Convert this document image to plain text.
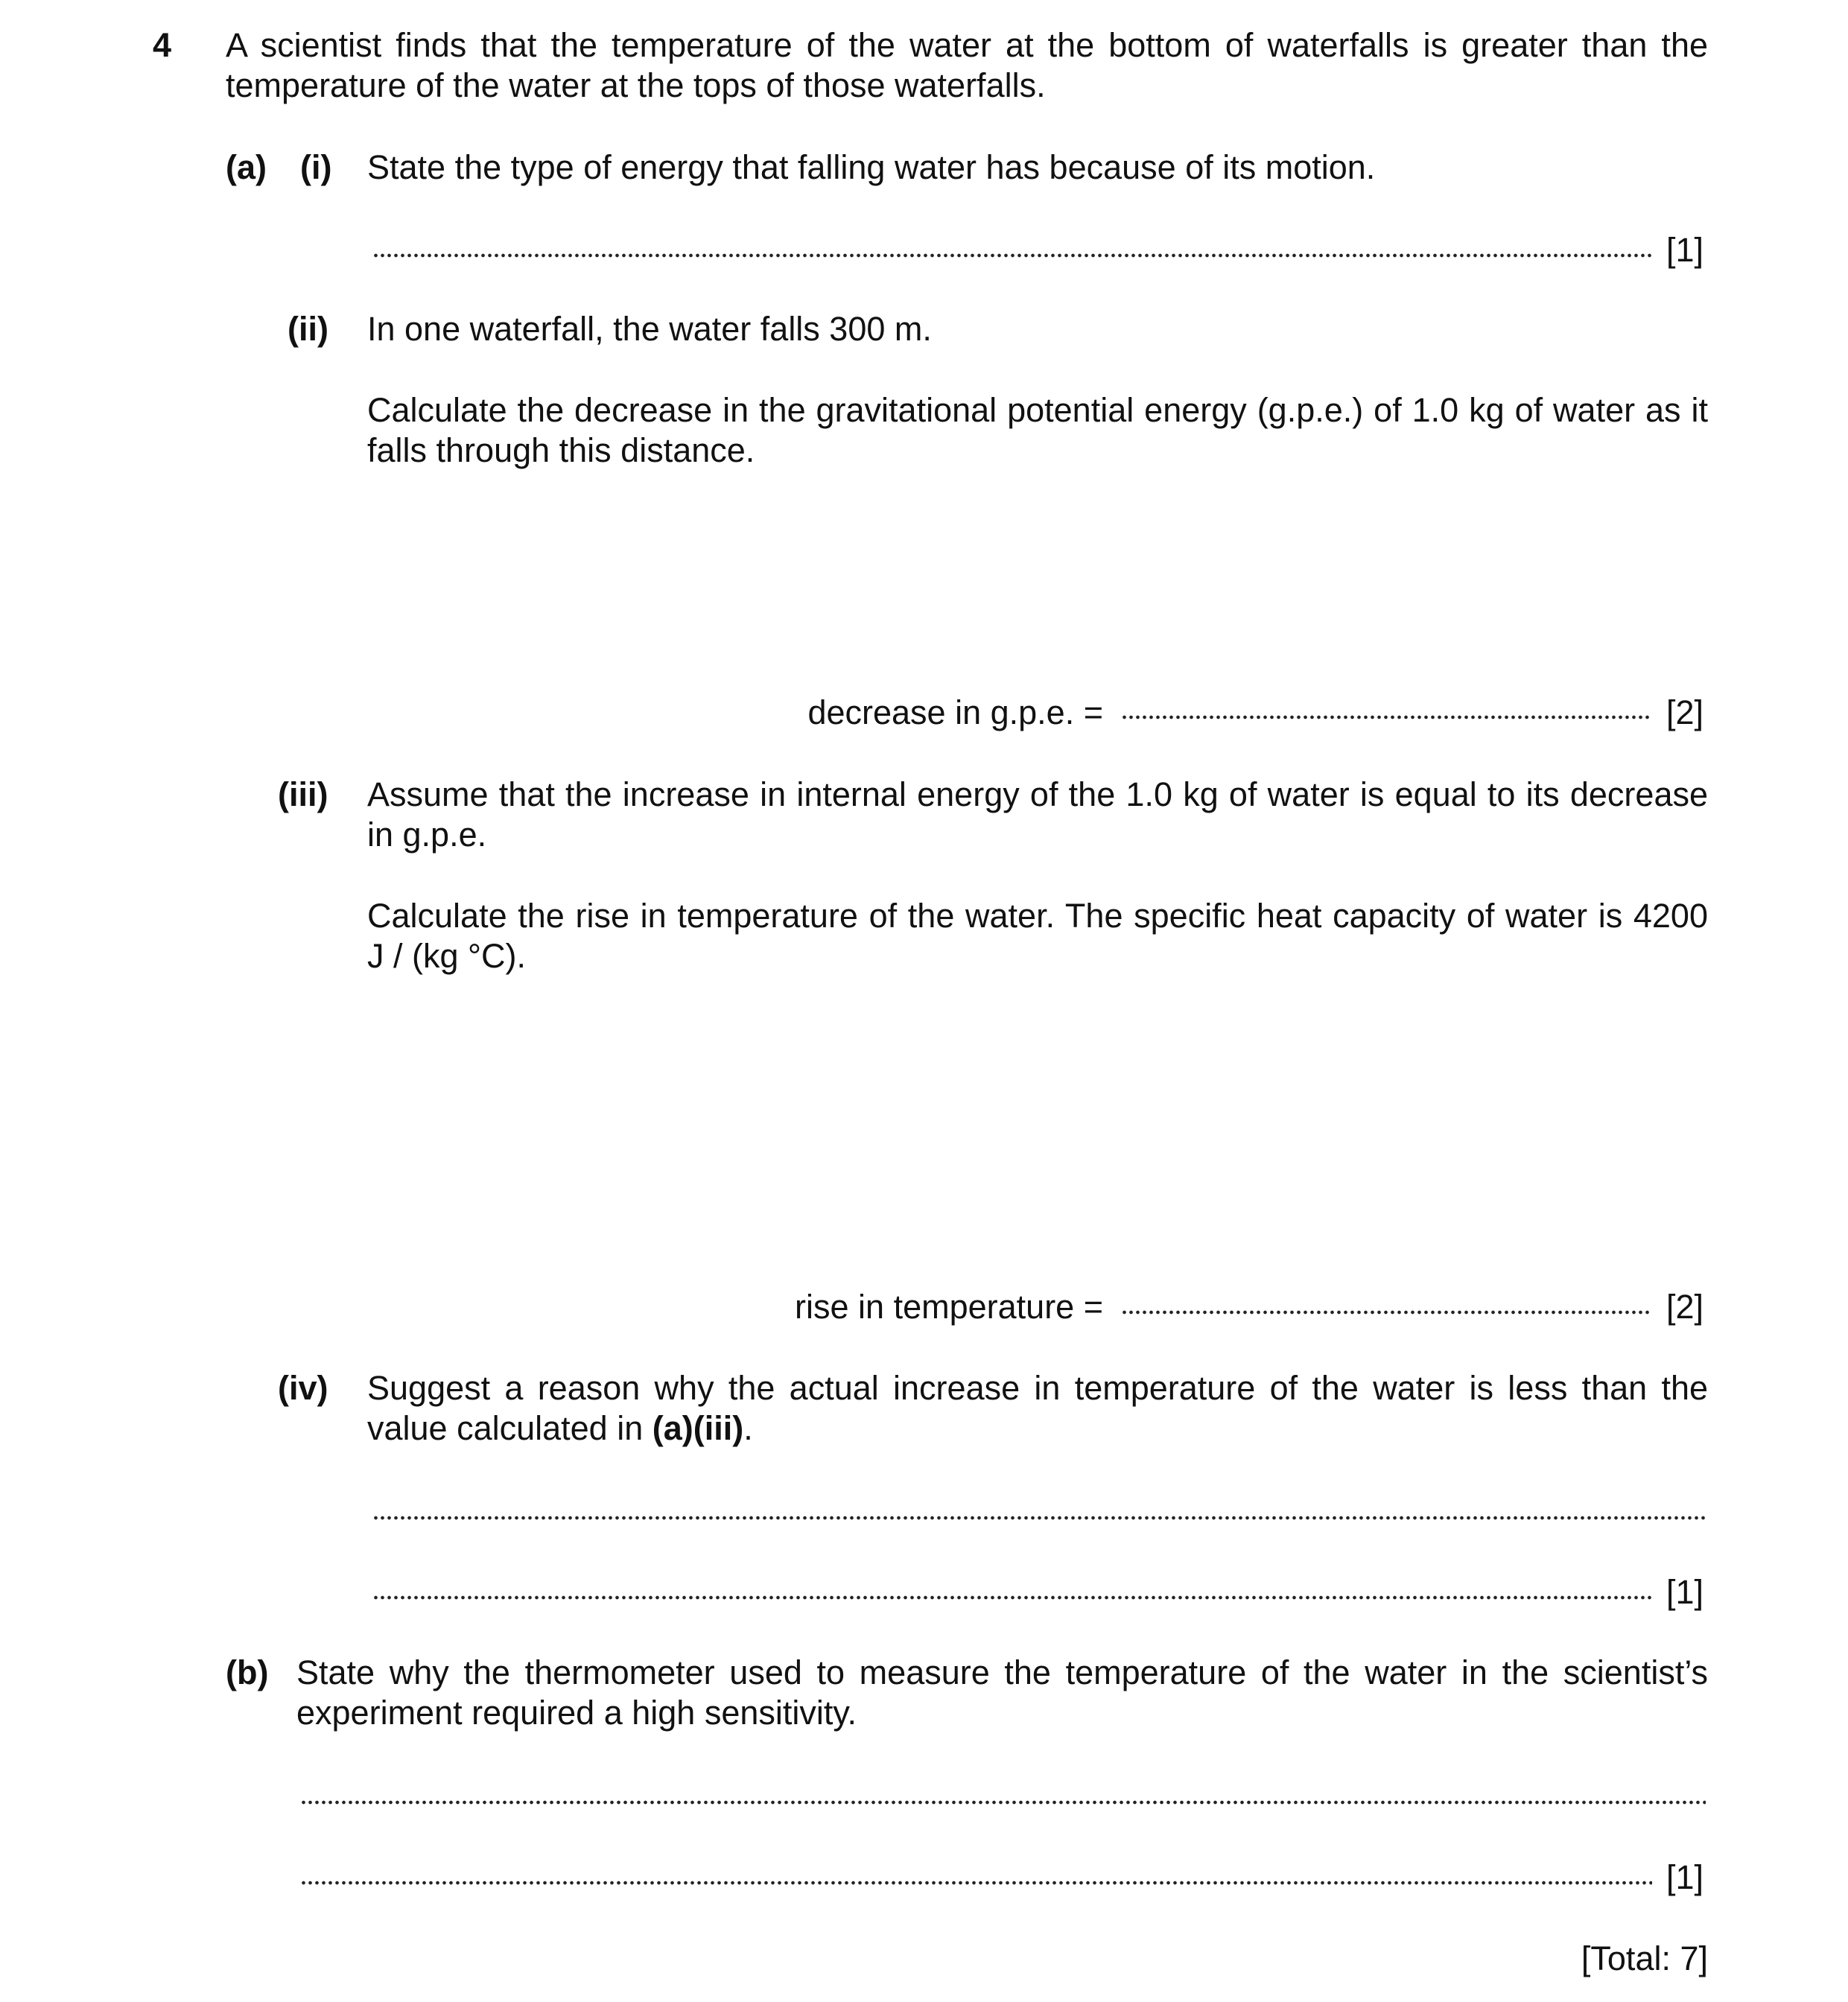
4 A scientist finds that the temperature of the water at the bottom of waterfalls is greater than the temperature of the water at the tops of those waterfalls.
(a) (i) State the type of energy that falling water has because of its motion.
[1]
(ii) In one waterfall, the water falls 300 m.
Calculate the decrease in the gravitational potential energy (g.p.e.) of 1.0 kg of water as it falls through this distance.
decrease in g.p.e. =	[2]
(iii) Assume that the increase in internal energy of the 1.0 kg of water is equal to its decrease in g.p.e.
Calculate the rise in temperature of the water. The specific heat capacity of water is 4200 J / (kg °C).
rise in temperature =	[2]
(iv) Suggest a reason why the actual increase in temperature of the water is less than the value calculated in (a)(iii).
[1]
(b) State why the thermometer used to measure the temperature of the water in the scientist’s experiment required a high sensitivity.
[1]
[Total: 7]
